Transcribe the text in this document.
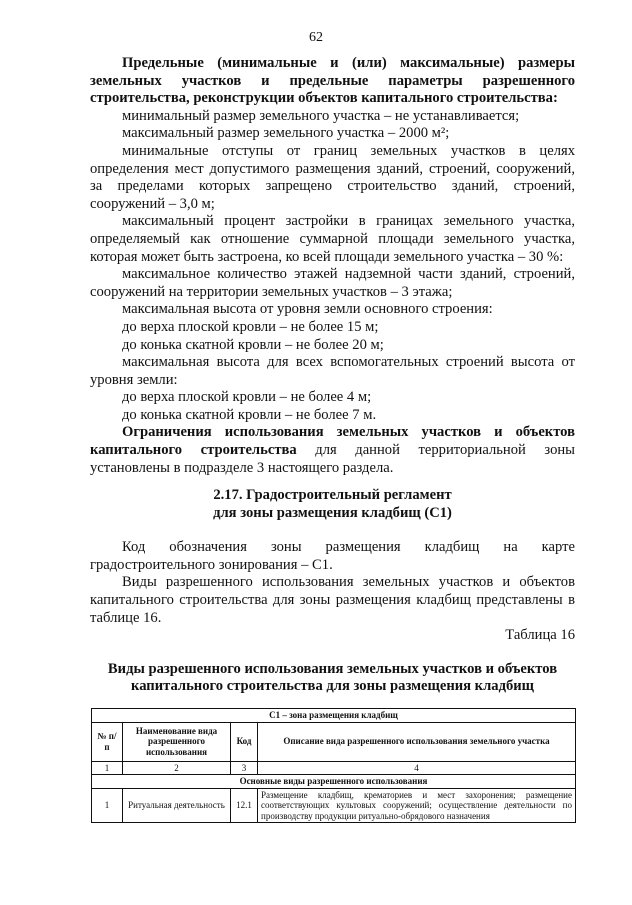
62

Предельные (минимальные и (или) максимальные) размеры земельных участков и предельные параметры разрешенного строительства, реконструкции объектов капитального строительства:

минимальный размер земельного участка – не устанавливается;

максимальный размер земельного участка – 2000 м²;

минимальные отступы от границ земельных участков в целях определения мест допустимого размещения зданий, строений, сооружений, за пределами которых запрещено строительство зданий, строений, сооружений – 3,0 м;

максимальный процент застройки в границах земельного участка, определяемый как отношение суммарной площади земельного участка, которая может быть застроена, ко всей площади земельного участка – 30 %:

максимальное количество этажей надземной части зданий, строений, сооружений на территории земельных участков – 3 этажа;

максимальная высота от уровня земли основного строения:

до верха плоской кровли – не более 15 м;

до конька скатной кровли – не более 20 м;

максимальная высота для всех вспомогательных строений высота от уровня земли:

до верха плоской кровли – не более 4 м;

до конька скатной кровли – не более 7 м.

Ограничения использования земельных участков и объектов капитального строительства для данной территориальной зоны установлены в подразделе 3 настоящего раздела.

2.17. Градостроительный регламент

для зоны размещения кладбищ (С1)

Код обозначения зоны размещения кладбищ на карте градостроительного зонирования – С1.

Виды разрешенного использования земельных участков и объектов капитального строительства для зоны размещения кладбищ представлены в таблице 16.

Таблица 16

Виды разрешенного использования земельных участков и объектов

капитального строительства для зоны размещения кладбищ

С1 – зона размещения кладбищ			
№ п/п	Наименование вида разрешенного использования	Код	Описание вида разрешенного использования земельного участка
1	2	3	4
Основные виды разрешенного использования			
1	Ритуальная деятельность	12.1	Размещение кладбищ, крематориев и мест захоронения; размещение соответствующих культовых сооружений; осуществление деятельности по производству продукции ритуально-обрядового назначения
